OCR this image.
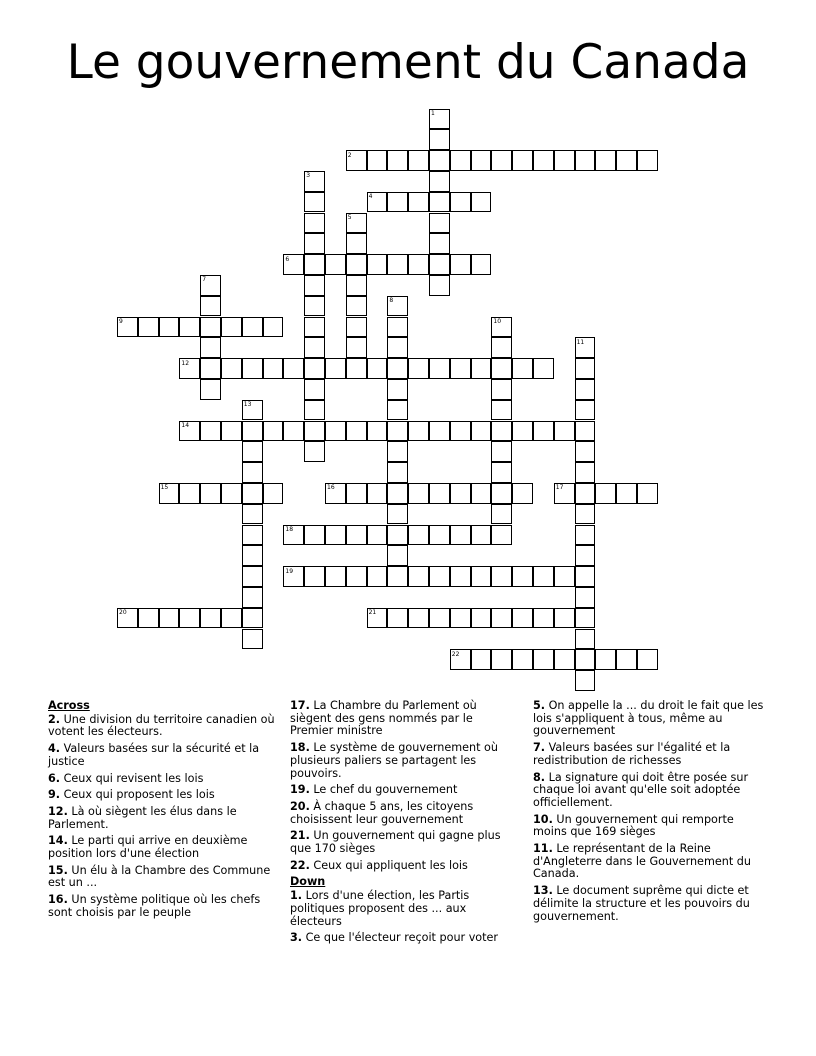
Le gouvernement du Canada
1
2
3
4
5
6
7
8
9	10
11
12
13
14
15	16	17
18
19
20	21
22
Across
2. Une division du territoire canadien où votent les électeurs.
4. Valeurs basées sur la sécurité et la justice
6. Ceux qui revisent les lois
9. Ceux qui proposent les lois
12. Là où siègent les élus dans le Parlement.
14. Le parti qui arrive en deuxième position lors d'une élection
15. Un élu à la Chambre des Commune est un ...
16. Un système politique où les chefs sont choisis par le peuple
17. La Chambre du Parlement où siègent des gens nommés par le Premier ministre
18. Le système de gouvernement où plusieurs paliers se partagent les pouvoirs.
19. Le chef du gouvernement
20. À chaque 5 ans, les citoyens choisissent leur gouvernement
21. Un gouvernement qui gagne plus que 170 sièges
22. Ceux qui appliquent les lois
Down
1. Lors d'une élection, les Partis politiques proposent des ... aux électeurs
3. Ce que l'électeur reçoit pour voter
5. On appelle la ... du droit le fait que les lois s'appliquent à tous, même au gouvernement
7. Valeurs basées sur l'égalité et la redistribution de richesses
8. La signature qui doit être posée sur chaque loi avant qu'elle soit adoptée officiellement.
10. Un gouvernement qui remporte moins que 169 sièges
11. Le représentant de la Reine d'Angleterre dans le Gouvernement du Canada.
13. Le document suprême qui dicte et délimite la structure et les pouvoirs du gouvernement.
